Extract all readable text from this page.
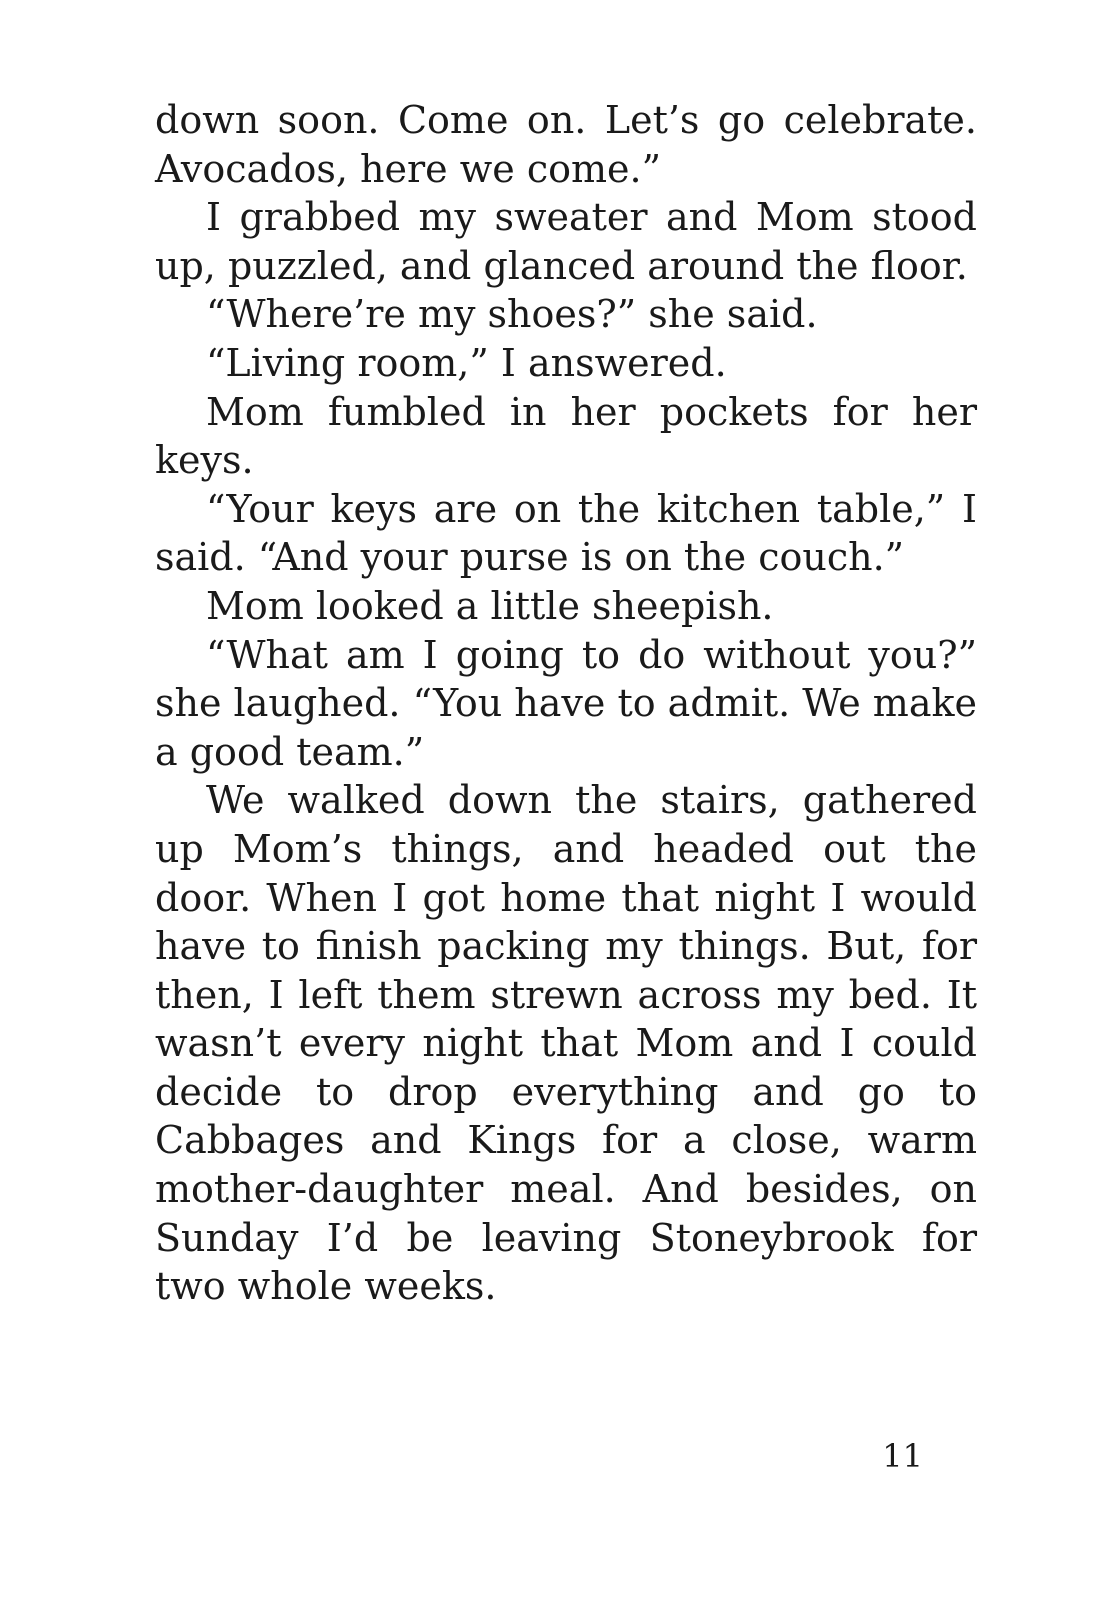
down soon. Come on. Let’s go celebrate. Avocados, here we come.”

I grabbed my sweater and Mom stood up, puzzled, and glanced around the floor.

“Where’re my shoes?” she said.

“Living room,” I answered.

Mom fumbled in her pockets for her keys.

“Your keys are on the kitchen table,” I said. “And your purse is on the couch.”

Mom looked a little sheepish.

“What am I going to do without you?” she laughed. “You have to admit. We make a good team.”

We walked down the stairs, gathered up Mom’s things, and headed out the door. When I got home that night I would have to finish packing my things. But, for then, I left them strewn across my bed. It wasn’t every night that Mom and I could decide to drop everything and go to Cabbages and Kings for a close, warm mother-daughter meal. And besides, on Sunday I’d be leaving Stoneybrook for two whole weeks.

11
